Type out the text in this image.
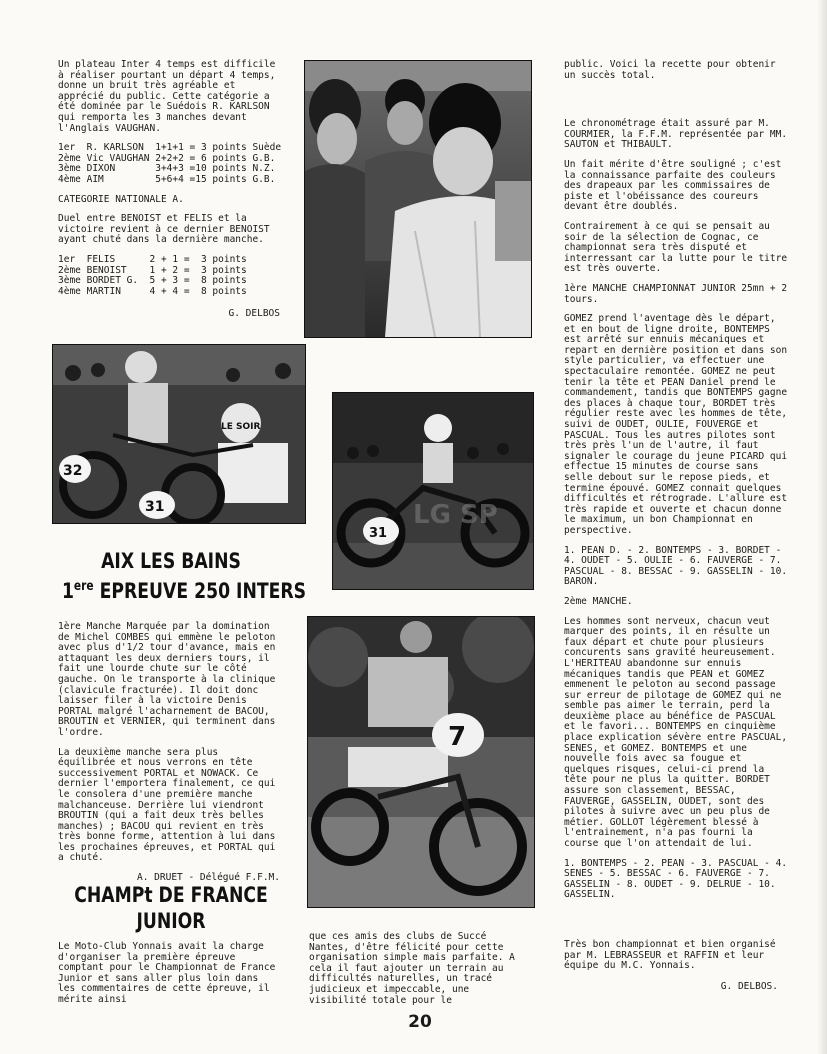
Un plateau Inter 4 temps est difficile à réaliser pourtant un départ 4 temps, donne un bruit très agréable et apprécié du public. Cette catégorie a été dominée par le Suédois R. KARLSON qui remporta les 3 manches devant l'Anglais VAUGHAN.

1er  R. KARLSON  1+1+1 = 3 points Suède
2ème Vic VAUGHAN 2+2+2 = 6 points G.B.
3ème DIXON       3+4+3 =10 points N.Z.
4ème AIM         5+6+4 =15 points G.B.

CATEGORIE NATIONALE A.

Duel entre BENOIST et FELIS et la victoire revient à ce dernier BENOIST ayant chuté dans la dernière manche.

1er  FELIS      2 + 1 =  3 points
2ème BENOIST    1 + 2 =  3 points
3ème BORDET G.  5 + 3 =  8 points
4ème MARTIN     4 + 4 =  8 points

G. DELBOS

LE SOIR
32
31
31
LG SP
7
AIX LES BAINS
1ere EPREUVE 250 INTERS

1ère Manche Marquée par la domination de Michel COMBES qui emmène le peloton avec plus d'1/2 tour d'avance, mais en attaquant les deux derniers tours, il fait une lourde chute sur le côté gauche. On le transporte à la clinique (clavicule fracturée). Il doit donc laisser filer à la victoire Denis PORTAL malgré l'acharnement de BACOU, BROUTIN et VERNIER, qui terminent dans l'ordre.

La deuxième manche sera plus équilibrée et nous verrons en tête successivement PORTAL et NOWACK. Ce dernier l'emportera finalement, ce qui le consolera d'une première manche malchanceuse. Derrière lui viendront BROUTIN (qui a fait deux très belles manches) ; BACOU qui revient en très très bonne forme, attention à lui dans les prochaines épreuves, et PORTAL qui a chuté.

A. DRUET - Délégué F.F.M.

CHAMPt DE FRANCE
JUNIOR

Le Moto-Club Yonnais avait la charge d'organiser la première épreuve comptant pour le Championnat de France Junior et sans aller plus loin dans les commentaires de cette épreuve, il mérite ainsi

que ces amis des clubs de Succé Nantes, d'être félicité pour cette organisation simple mais parfaite. A cela il faut ajouter un terrain au difficultés naturelles, un tracé judicieux et impeccable, une visibilité totale pour le

public. Voici la recette pour obtenir un succès total.

Le chronométrage était assuré par M. COURMIER, la F.F.M. représentée par MM. SAUTON et THIBAULT.

Un fait mérite d'être souligné ; c'est la connaissance parfaite des couleurs des drapeaux par les commissaires de piste et l'obéissance des coureurs devant être doublés.

Contrairement à ce qui se pensait au soir de la sélection de Cognac, ce championnat sera très disputé et interressant car la lutte pour le titre est très ouverte.

1ère MANCHE CHAMPIONNAT JUNIOR 25mn + 2 tours.

GOMEZ prend l'aventage dès le départ, et en bout de ligne droite, BONTEMPS est arrêté sur ennuis mécaniques et repart en dernière position et dans son style particulier, va effectuer une spectaculaire remontée. GOMEZ ne peut tenir la tête et PEAN Daniel prend le commandement, tandis que BONTEMPS gagne des places à chaque tour, BORDET très régulier reste avec les hommes de tête, suivi de OUDET, OULIE, FOUVERGE et PASCUAL. Tous les autres pilotes sont très près l'un de l'autre, il faut signaler le courage du jeune PICARD qui effectue 15 minutes de course sans selle debout sur le repose pieds, et termine épouvé. GOMEZ connait quelques difficultés et rétrograde. L'allure est très rapide et ouverte et chacun donne le maximum, un bon Championnat en perspective.

1. PEAN D. - 2. BONTEMPS - 3. BORDET - 4. OUDET - 5. OULIE - 6. FAUVERGE - 7. PASCUAL - 8. BESSAC - 9. GASSELIN - 10. BARON.

2ème MANCHE.

Les hommes sont nerveux, chacun veut marquer des points, il en résulte un faux départ et chute pour plusieurs concurents sans gravité heureusement. L'HERITEAU abandonne sur ennuis mécaniques tandis que PEAN et GOMEZ emmenent le peloton au second passage sur erreur de pilotage de GOMEZ qui ne semble pas aimer le terrain, perd la deuxième place au bénéfice de PASCUAL et le favori... BONTEMPS en cinquième place explication sévère entre PASCUAL, SENES, et GOMEZ. BONTEMPS et une nouvelle fois avec sa fougue et quelques risques, celui-ci prend la tête pour ne plus la quitter. BORDET assure son classement, BESSAC, FAUVERGE, GASSELIN, OUDET, sont des pilotes à suivre avec un peu plus de métier. GOLLOT légèrement blessé à l'entrainement, n'a pas fourni la course que l'on attendait de lui.

1. BONTEMPS - 2. PEAN - 3. PASCUAL - 4. SENES - 5. BESSAC - 6. FAUVERGE - 7. GASSELIN - 8. OUDET - 9. DELRUE - 10. GASSELIN.

Très bon championnat et bien organisé par M. LEBRASSEUR et RAFFIN et leur équipe du M.C. Yonnais.

G. DELBOS.

20
